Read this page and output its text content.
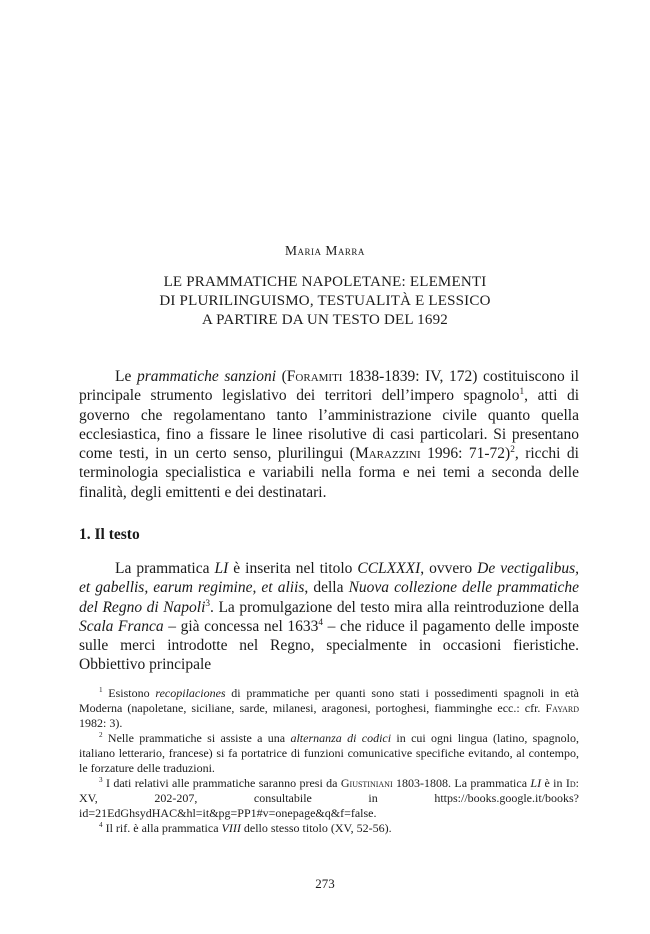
Maria Marra
LE PRAMMATICHE NAPOLETANE: ELEMENTI
DI PLURILINGUISMO, TESTUALITÀ E LESSICO
A PARTIRE DA UN TESTO DEL 1692

Le prammatiche sanzioni (Foramiti 1838-1839: IV, 172) costituiscono il principale strumento legislativo dei territori dell’impero spagnolo$^1$, atti di governo che regolamentano tanto l’amministrazione civile quanto quella ecclesiastica, fino a fissare le linee risolutive di casi particolari. Si presentano come testi, in un certo senso, plurilingui (Marazzini 1996: 71-72)$^2$, ricchi di terminologia specialistica e variabili nella forma e nei temi a seconda delle finalità, degli emittenti e dei destinatari.

1. Il testo

La prammatica LI è inserita nel titolo CCLXXXI, ovvero De vectigalibus, et gabellis, earum regimine, et aliis, della Nuova collezione delle prammatiche del Regno di Napoli$^3$. La promulgazione del testo mira alla reintroduzione della Scala Franca – già concessa nel 1633$^4$ – che riduce il pagamento delle imposte sulle merci introdotte nel Regno, specialmente in occasioni fieristiche. Obbiettivo principale

$^1$ Esistono recopilaciones di prammatiche per quanti sono stati i possedimenti spagnoli in età Moderna (napoletane, siciliane, sarde, milanesi, aragonesi, portoghesi, fiamminghe ecc.: cfr. Fayard 1982: 3).

$^2$ Nelle prammatiche si assiste a una alternanza di codici in cui ogni lingua (latino, spagnolo, italiano letterario, francese) si fa portatrice di funzioni comunicative specifiche evitando, al contempo, le forzature delle traduzioni.

$^3$ I dati relativi alle prammatiche saranno presi da Giustiniani 1803-1808. La prammatica LI è in Id: XV, 202-207, consultabile in https://books.google.it/books?id=21EdGhsydHAC&hl=it&pg=PP1#v=onepage&q&f=false.

$^4$ Il rif. è alla prammatica VIII dello stesso titolo (XV, 52-56).

273
